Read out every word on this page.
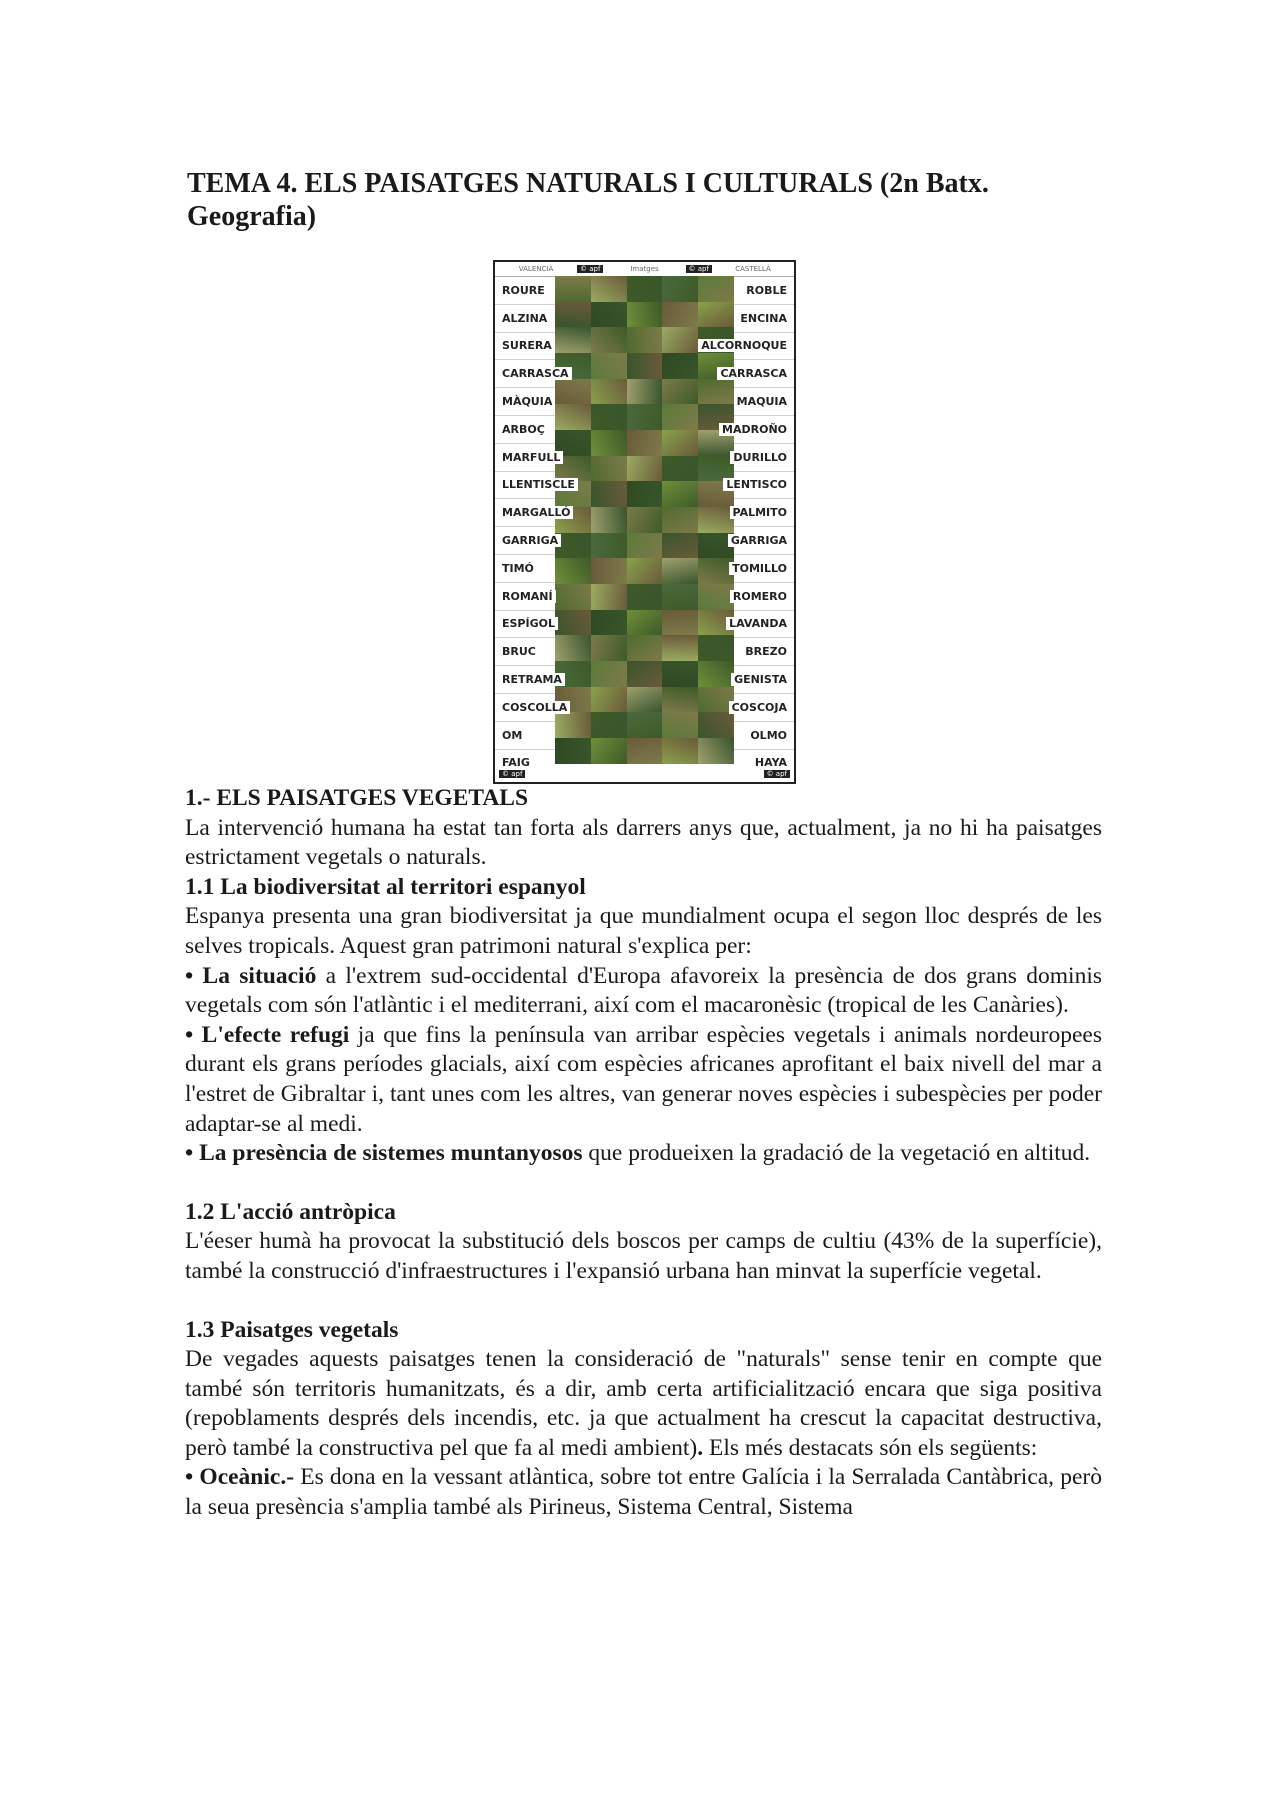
TEMA 4. ELS PAISATGES NATURALS I CULTURALS (2n Batx. Geografia)
VALENCIÀ	© apf	Imatges	© apf	CASTELLÀ
ROURE	ROBLE
ALZINA	ENCINA
SURERA	ALCORNOQUE
CARRASCA	CARRASCA
MÀQUIA	MAQUIA
ARBOÇ	MADROÑO
MARFULL	DURILLO
LLENTISCLE	LENTISCO
MARGALLÓ	PALMITO
GARRIGA	GARRIGA
TIMÓ	TOMILLO
ROMANÍ	ROMERO
ESPÍGOL	LAVANDA
BRUC	BREZO
RETRAMA	GENISTA
COSCOLLA	COSCOJA
OM	OLMO
FAIG	HAYA
© apf	© apf

1.- ELS PAISATGES VEGETALS

La intervenció humana ha estat tan forta als darrers anys que, actualment, ja no hi ha paisatges estrictament vegetals o naturals.

1.1 La biodiversitat al territori espanyol

Espanya presenta una gran biodiversitat ja que mundialment ocupa el segon lloc després de les selves tropicals. Aquest gran patrimoni natural s'explica per:

• La situació a l'extrem sud-occidental d'Europa afavoreix la presència de dos grans dominis vegetals com són l'atlàntic i el mediterrani, així com el macaronèsic (tropical de les Canàries).

• L'efecte refugi ja que fins la península van arribar espècies vegetals i animals nordeuropees durant els grans períodes glacials, així com espècies africanes aprofitant el baix nivell del mar a l'estret de Gibraltar i, tant unes com les altres, van generar noves espècies i subespècies per poder adaptar-se al medi.

• La presència de sistemes muntanyosos que produeixen la gradació de la vegetació en altitud.

1.2 L'acció antròpica

L'éeser humà ha provocat la substitució dels boscos per camps de cultiu (43% de la superfície), també la construcció d'infraestructures i l'expansió urbana han minvat la superfície vegetal.

1.3 Paisatges vegetals

De vegades aquests paisatges tenen la consideració de "naturals" sense tenir en compte que també són territoris humanitzats, és a dir, amb certa artificialització encara que siga positiva (repoblaments després dels incendis, etc. ja que actualment ha crescut la capacitat destructiva, però també la constructiva pel que fa al medi ambient). Els més destacats són els següents:

• Oceànic.- Es dona en la vessant atlàntica, sobre tot entre Galícia i la Serralada Cantàbrica, però la seua presència s'amplia també als Pirineus, Sistema Central, Sistema
